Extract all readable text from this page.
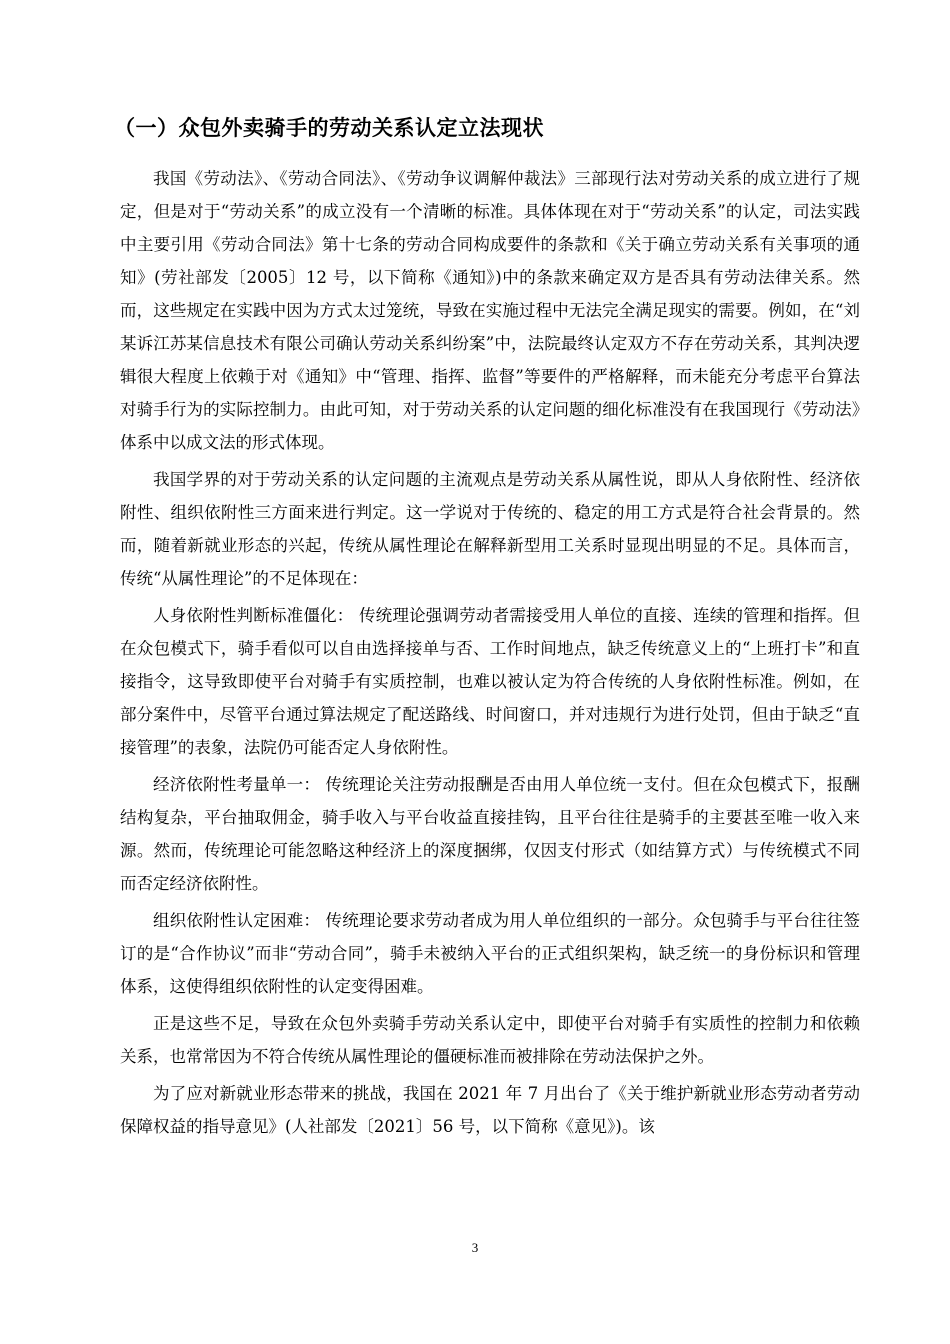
（一）众包外卖骑手的劳动关系认定立法现状

我国《劳动法》、《劳动合同法》、《劳动争议调解仲裁法》三部现行法对劳动关系的成立进行了规定，但是对于“劳动关系”的成立没有一个清晰的标准。具体体现在对于“劳动关系”的认定，司法实践中主要引用《劳动合同法》第十七条的劳动合同构成要件的条款和《关于确立劳动关系有关事项的通知》(劳社部发〔2005〕12 号，以下简称《通知》)中的条款来确定双方是否具有劳动法律关系。然而，这些规定在实践中因为方式太过笼统，导致在实施过程中无法完全满足现实的需要。例如，在“刘某诉江苏某信息技术有限公司确认劳动关系纠纷案”中，法院最终认定双方不存在劳动关系，其判决逻辑很大程度上依赖于对《通知》中“管理、指挥、监督”等要件的严格解释，而未能充分考虑平台算法对骑手行为的实际控制力。由此可知，对于劳动关系的认定问题的细化标准没有在我国现行《劳动法》体系中以成文法的形式体现。

我国学界的对于劳动关系的认定问题的主流观点是劳动关系从属性说，即从人身依附性、经济依附性、组织依附性三方面来进行判定。这一学说对于传统的、稳定的用工方式是符合社会背景的。然而，随着新就业形态的兴起，传统从属性理论在解释新型用工关系时显现出明显的不足。具体而言，传统“从属性理论”的不足体现在：

人身依附性判断标准僵化： 传统理论强调劳动者需接受用人单位的直接、连续的管理和指挥。但在众包模式下，骑手看似可以自由选择接单与否、工作时间地点，缺乏传统意义上的“上班打卡”和直接指令，这导致即使平台对骑手有实质控制，也难以被认定为符合传统的人身依附性标准。例如，在部分案件中，尽管平台通过算法规定了配送路线、时间窗口，并对违规行为进行处罚，但由于缺乏“直接管理”的表象，法院仍可能否定人身依附性。

经济依附性考量单一： 传统理论关注劳动报酬是否由用人单位统一支付。但在众包模式下，报酬结构复杂，平台抽取佣金，骑手收入与平台收益直接挂钩，且平台往往是骑手的主要甚至唯一收入来源。然而，传统理论可能忽略这种经济上的深度捆绑，仅因支付形式（如结算方式）与传统模式不同而否定经济依附性。

组织依附性认定困难： 传统理论要求劳动者成为用人单位组织的一部分。众包骑手与平台往往签订的是“合作协议”而非“劳动合同”，骑手未被纳入平台的正式组织架构，缺乏统一的身份标识和管理体系，这使得组织依附性的认定变得困难。

正是这些不足，导致在众包外卖骑手劳动关系认定中，即使平台对骑手有实质性的控制力和依赖关系，也常常因为不符合传统从属性理论的僵硬标准而被排除在劳动法保护之外。

为了应对新就业形态带来的挑战，我国在 2021 年 7 月出台了《关于维护新就业形态劳动者劳动保障权益的指导意见》(人社部发〔2021〕56 号，以下简称《意见》)。该

3
